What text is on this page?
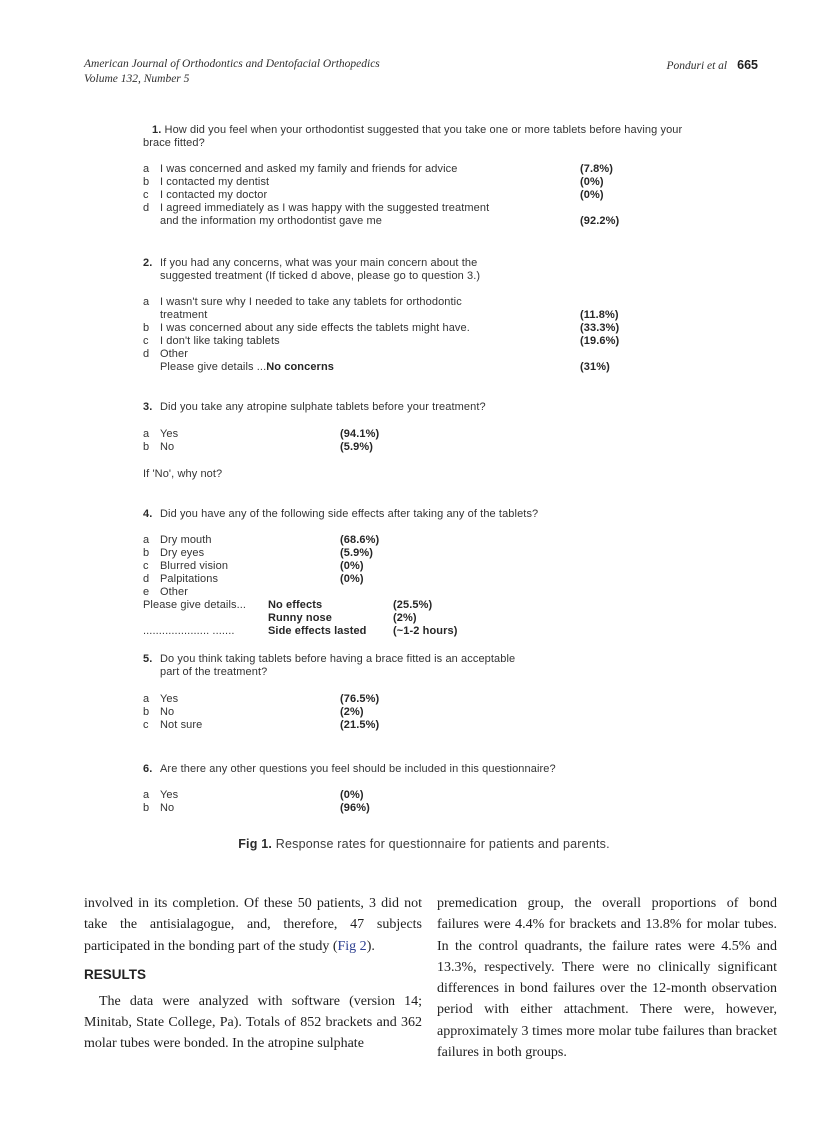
American Journal of Orthodontics and Dentofacial Orthopedics
Volume 132, Number 5
Ponduri et al 665
1. How did you feel when your orthodontist suggested that you take one or more tablets before having your brace fitted?
a I was concerned and asked my family and friends for advice	(7.8%)
b I contacted my dentist	(0%)
c	I contacted my doctor	(0%)
d I agreed immediately as I was happy with the suggested treatment
and the information my orthodontist gave me	(92.2%)
2. If you had any concerns, what was your main concern about the suggested treatment (If ticked d above, please go to question 3.)
a I wasn't sure why I needed to take any tablets for orthodontic
treatment	(11.8%)
b I was concerned about any side effects the tablets might have.	(33.3%)
c	I don't like taking tablets	(19.6%)
d Other
Please give details ...No concerns	(31%)
3. Did you take any atropine sulphate tablets before your treatment?
a Yes	(94.1%)
b No	(5.9%)
If 'No', why not?
4. Did you have any of the following side effects after taking any of the tablets?
a Dry mouth	(68.6%)
b Dry eyes	(5.9%)
c	Blurred vision	(0%)
d Palpitations	(0%)
e Other
Please give details... No effects	(25.5%)
Runny nose	(2%)
..................... .......	Side effects lasted (~1-2 hours)
5. Do you think taking tablets before having a brace fitted is an acceptable part of the treatment?
a Yes	(76.5%)
b No	(2%)
c	Not sure	(21.5%)
6. Are there any other questions you feel should be included in this questionnaire?
a Yes	(0%)
b No	(96%)
Fig 1. Response rates for questionnaire for patients and parents.
involved in its completion. Of these 50 patients, 3 did not take the antisialagogue, and, therefore, 47 subjects participated in the bonding part of the study (Fig 2).
RESULTS
The data were analyzed with software (version 14; Minitab, State College, Pa). Totals of 852 brackets and 362 molar tubes were bonded. In the atropine sulphate
premedication group, the overall proportions of bond failures were 4.4% for brackets and 13.8% for molar tubes. In the control quadrants, the failure rates were 4.5% and 13.3%, respectively. There were no clinically significant differences in bond failures over the 12-month observation period with either attachment. There were, however, approximately 3 times more molar tube failures than bracket failures in both groups.
